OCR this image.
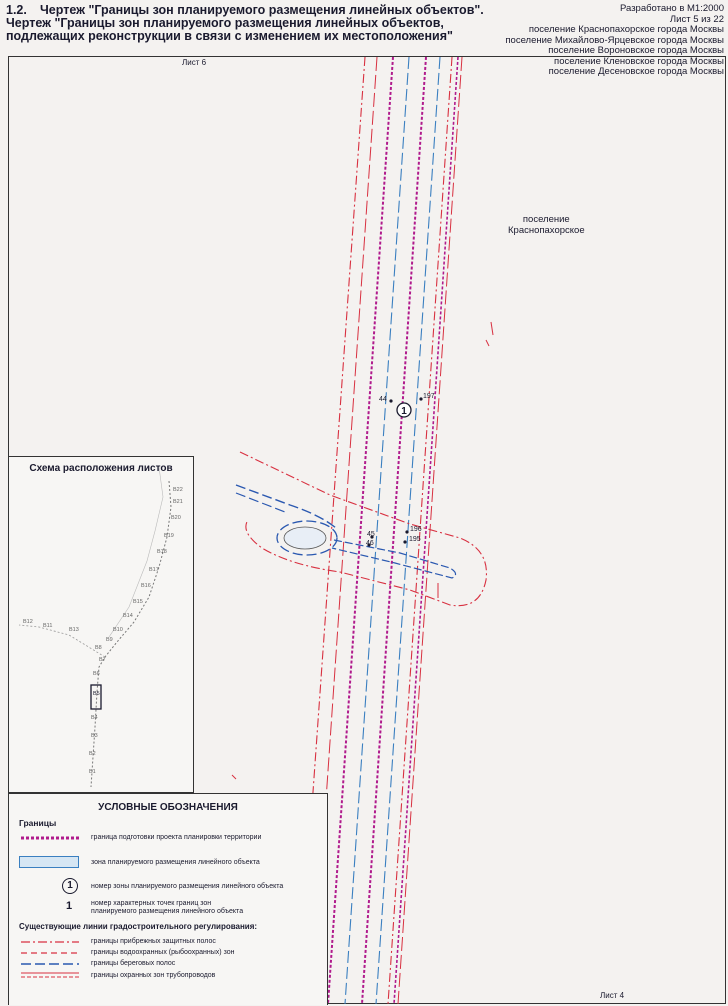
1.2.	Чертеж "Границы зон планируемого размещения линейных объектов".
Чертеж "Границы зон планируемого размещения линейных объектов,
подлежащих реконструкции в связи с изменением их местоположения"
Разработано в М1:2000
Лист 5 из 22
поселение Краснопахорское города Москвы
поселение Михайлово-Ярцевское города Москвы
поселение Вороновское города Москвы
поселение Кленовское города Москвы
поселение Десеновское города Москвы
1
Лист 6
Лист 4
поселение
Краснопахорское
44	197
45
46
196
195
Схема расположения листов
В22
В21
В20
В19
В18
В17
В16
В15
В14
В13
В12
В11
В10
В9
В8
В7
В6
В5
В4
В3
В2
В1
УСЛОВНЫЕ ОБОЗНАЧЕНИЯ
Границы
граница подготовки проекта планировки территории
зона планируемого размещения линейного объекта
1	номер зоны планируемого размещения линейного объекта
1	номер характерных точек границ зон планируемого размещения линейного объекта
Существующие линии градостроительного регулирования:
границы прибрежных защитных полос
границы водоохранных (рыбоохранных) зон
границы береговых полос
границы охранных зон трубопроводов
